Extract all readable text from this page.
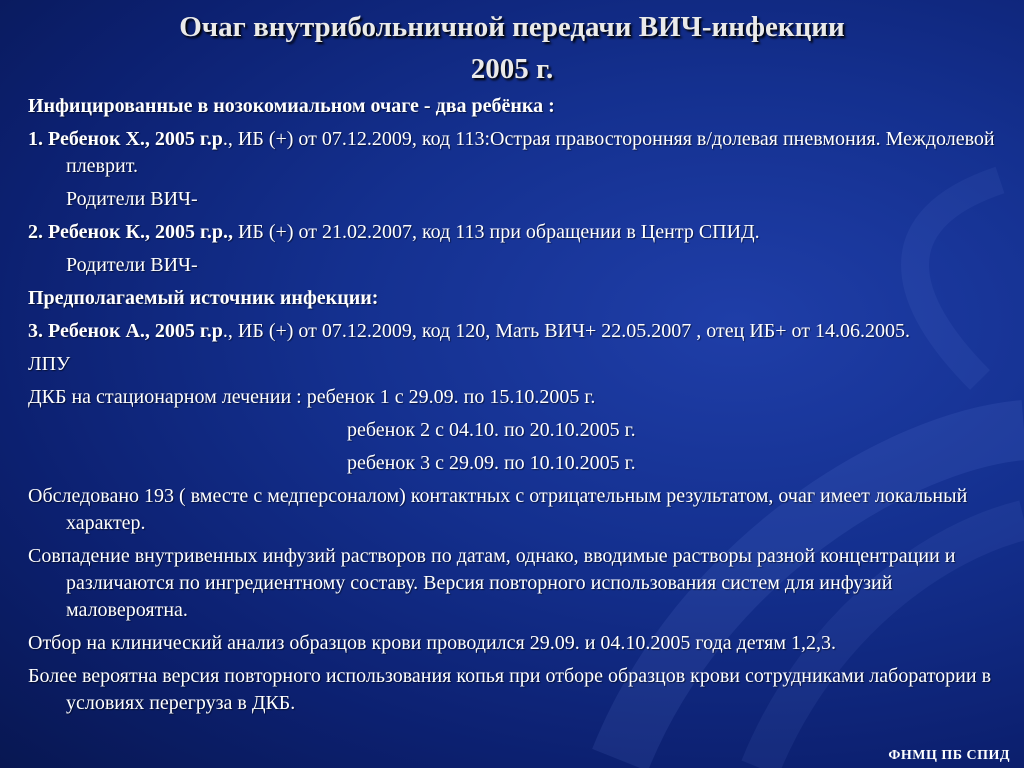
Очаг внутрибольничной передачи ВИЧ-инфекции
2005 г.
Инфицированные в нозокомиальном очаге - два ребёнка :
1. Ребенок Х., 2005 г.р., ИБ (+) от 07.12.2009, код 113:Острая правосторонняя в/долевая пневмония. Междолевой плеврит.
Родители ВИЧ-
2. Ребенок К., 2005 г.р., ИБ (+) от 21.02.2007, код 113 при обращении в Центр СПИД.
Родители ВИЧ-
Предполагаемый источник инфекции:
3. Ребенок А., 2005 г.р., ИБ (+) от 07.12.2009, код 120, Мать ВИЧ+ 22.05.2007 , отец ИБ+ от 14.06.2005.
ЛПУ
ДКБ на стационарном лечении : ребенок 1 с 29.09. по 15.10.2005 г.
ребенок 2 с 04.10. по 20.10.2005 г.
ребенок 3 с 29.09. по 10.10.2005 г.
Обследовано 193 ( вместе с медперсоналом) контактных с отрицательным результатом, очаг имеет локальный характер.
Совпадение внутривенных инфузий растворов по датам, однако, вводимые растворы разной концентрации и различаются по ингредиентному составу. Версия повторного использования систем для инфузий маловероятна.
Отбор на клинический анализ образцов крови проводился 29.09. и 04.10.2005 года детям 1,2,3.
Более вероятна версия повторного использования копья при отборе образцов крови сотрудниками лаборатории в условиях перегруза в ДКБ.
ФНМЦ ПБ СПИД
